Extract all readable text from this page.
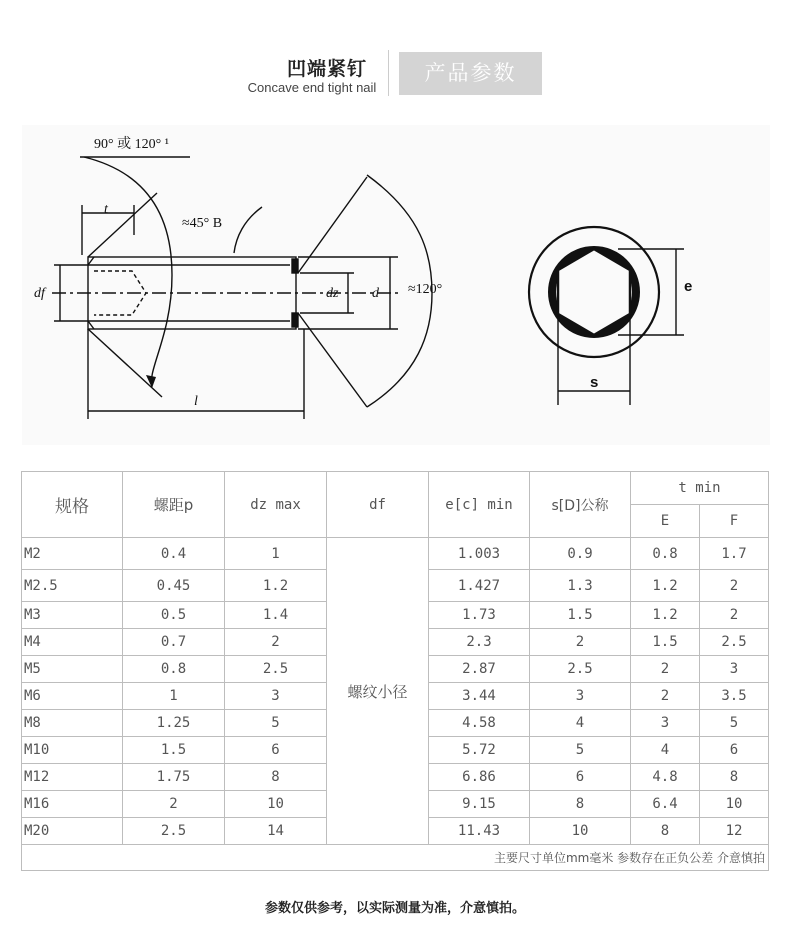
凹端紧钉
Concave end tight nail
产品参数
90° 或 120° ¹
t
≈45° B
df	dz d ≈120°
l
e
s
规格	螺距p	dz max	df	e[c] min	s[D]公称	t min	
						E	F
M2	0.4	1	螺纹小径	1.003	0.9	0.8	1.7
M2.5	0.45	1.2		1.427	1.3	1.2	2
M3	0.5	1.4		1.73	1.5	1.2	2
M4	0.7	2		2.3	2	1.5	2.5
M5	0.8	2.5		2.87	2.5	2	3
M6	1	3		3.44	3	2	3.5
M8	1.25	5		4.58	4	3	5
M10	1.5	6		5.72	5	4	6
M12	1.75	8		6.86	6	4.8	8
M16	2	10		9.15	8	6.4	10
M20	2.5	14		11.43	10	8	12
主要尺寸单位mm毫米 参数存在正负公差 介意慎拍							
参数仅供参考，以实际测量为准，介意慎拍。
